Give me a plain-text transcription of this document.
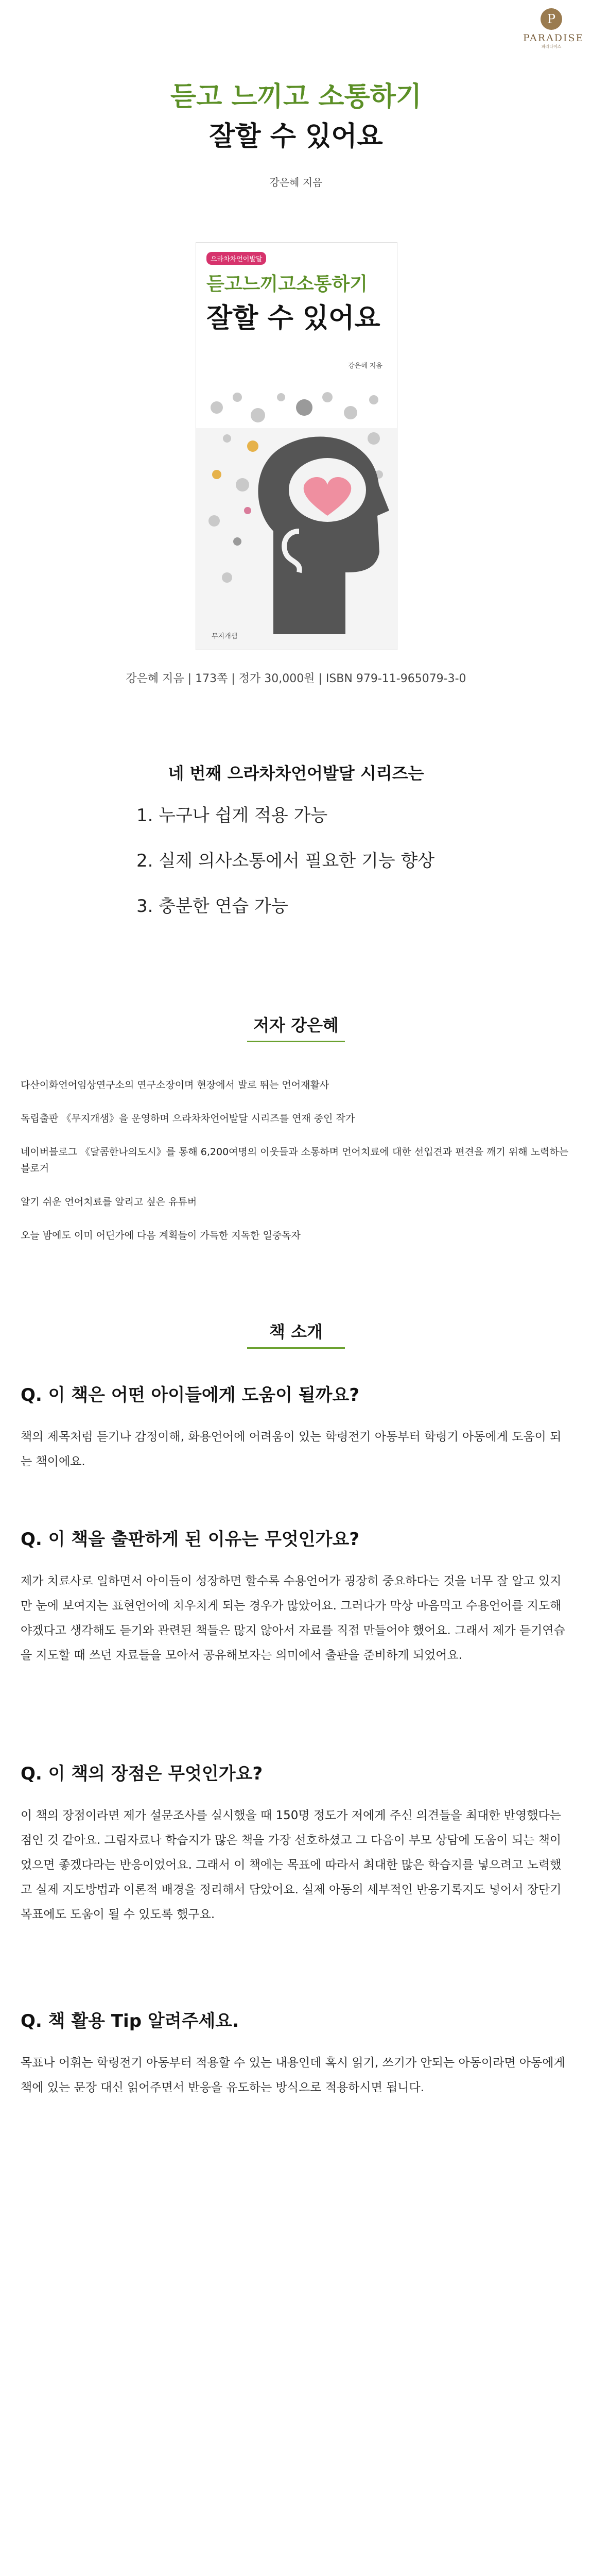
P
PARADISE
파라다이스
듣고 느끼고 소통하기
잘할 수 있어요
강은혜 지음
으라차차언어발달
듣고느끼고소통하기
잘할 수 있어요
강은혜 지음
무지개샘
강은혜 지음 | 173쪽 | 정가 30,000원 | ISBN 979-11-965079-3-0
네 번째 으라차차언어발달 시리즈는
1. 누구나 쉽게 적용 가능
2. 실제 의사소통에서 필요한 기능 향상
3. 충분한 연습 가능
저자 강은혜
다산이화언어임상연구소의 연구소장이며 현장에서 발로 뛰는 언어재활사
독립출판 《무지개샘》을 운영하며 으라차차언어발달 시리즈를 연재 중인 작가
네이버블로그 《달콤한나의도시》를 통해 6,200여명의 이웃들과 소통하며 언어치료에 대한 선입견과 편견을 깨기 위해 노력하는 블로거
알기 쉬운 언어치료를 알리고 싶은 유튜버
오늘 밤에도 이미 어딘가에 다음 계획들이 가득한 지독한 일중독자
책 소개
Q. 이 책은 어떤 아이들에게 도움이 될까요?

책의 제목처럼 듣기나 감정이해, 화용언어에 어려움이 있는 학령전기 아동부터 학령기 아동에게 도움이 되는 책이에요.

Q. 이 책을 출판하게 된 이유는 무엇인가요?

제가 치료사로 일하면서 아이들이 성장하면 할수록 수용언어가 굉장히 중요하다는 것을 너무 잘 알고 있지만 눈에 보여지는 표현언어에 치우치게 되는 경우가 많았어요. 그러다가 막상 마음먹고 수용언어를 지도해야겠다고 생각해도 듣기와 관련된 책들은 많지 않아서 자료를 직접 만들어야 했어요. 그래서 제가 듣기연습을 지도할 때 쓰던 자료들을 모아서 공유해보자는 의미에서 출판을 준비하게 되었어요.

Q. 이 책의 장점은 무엇인가요?

이 책의 장점이라면 제가 설문조사를 실시했을 때 150명 정도가 저에게 주신 의견들을 최대한 반영했다는 점인 것 같아요. 그림자료나 학습지가 많은 책을 가장 선호하셨고 그 다음이 부모 상담에 도움이 되는 책이었으면 좋겠다라는 반응이었어요. 그래서 이 책에는 목표에 따라서 최대한 많은 학습지를 넣으려고 노력했고 실제 지도방법과 이론적 배경을 정리해서 담았어요. 실제 아동의 세부적인 반응기록지도 넣어서 장단기 목표에도 도움이 될 수 있도록 했구요.

Q. 책 활용 Tip 알려주세요.

목표나 어휘는 학령전기 아동부터 적용할 수 있는 내용인데 혹시 읽기, 쓰기가 안되는 아동이라면 아동에게 책에 있는 문장 대신 읽어주면서 반응을 유도하는 방식으로 적용하시면 됩니다.
